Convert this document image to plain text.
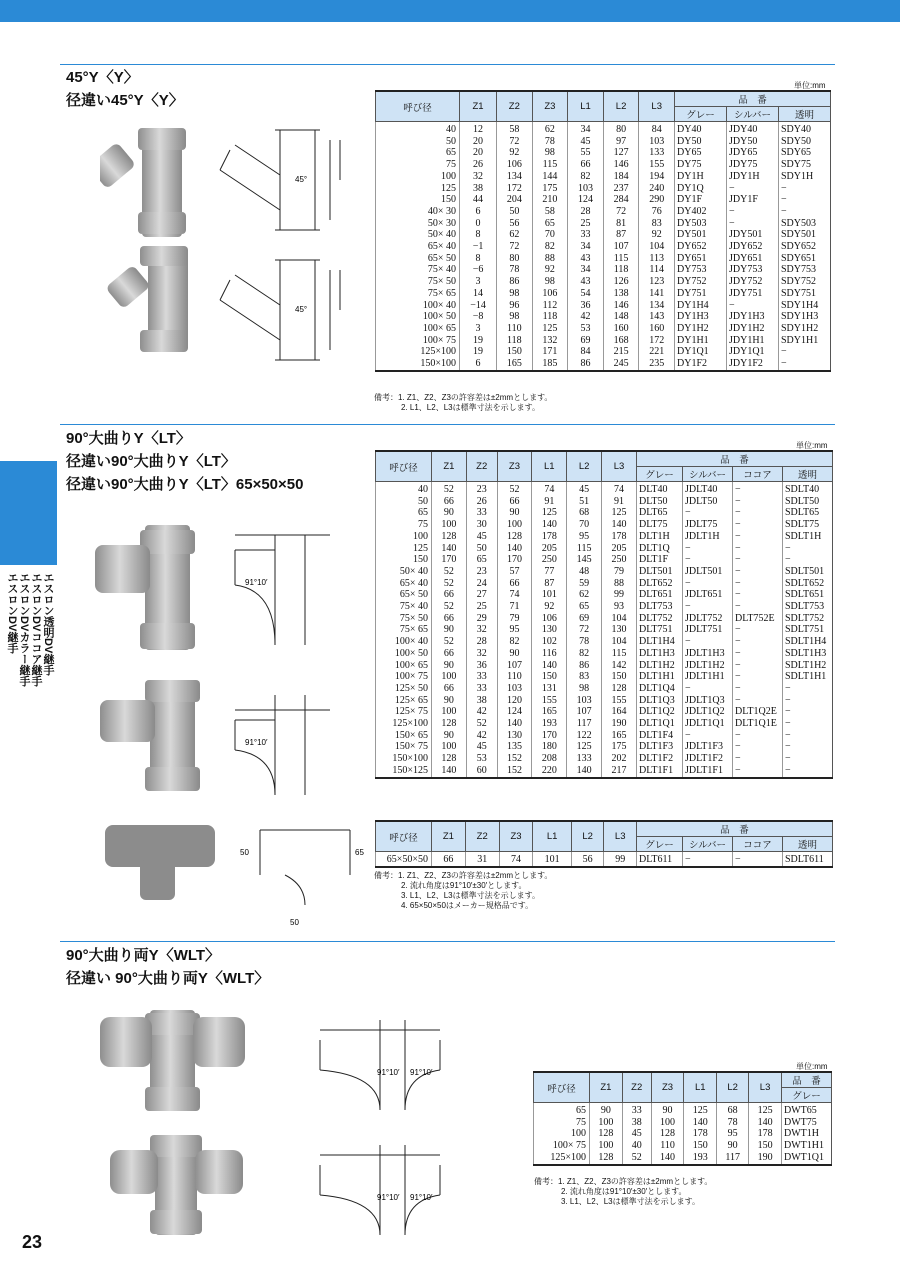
エスロン透明DV継手
エスロンDVココア継手
エスロンDVカラー継手
エスロンDV継手
23
45°Y〈Y〉
径違い45°Y〈Y〉
45°
45°
単位:mm
呼び径	Z1	Z2	Z3	L1	L2	L3	品　番		
							グレー	シルバー	透明
40	12	58	62	34	80	84	DY40	JDY40	SDY40
50	20	72	78	45	97	103	DY50	JDY50	SDY50
65	20	92	98	55	127	133	DY65	JDY65	SDY65
75	26	106	115	66	146	155	DY75	JDY75	SDY75
100	32	134	144	82	184	194	DY1H	JDY1H	SDY1H
125	38	172	175	103	237	240	DY1Q	−	−
150	44	204	210	124	284	290	DY1F	JDY1F	−
40× 30	6	50	58	28	72	76	DY402	−	−
50× 30	0	56	65	25	81	83	DY503	−	SDY503
50× 40	8	62	70	33	87	92	DY501	JDY501	SDY501
65× 40	−1	72	82	34	107	104	DY652	JDY652	SDY652
65× 50	8	80	88	43	115	113	DY651	JDY651	SDY651
75× 40	−6	78	92	34	118	114	DY753	JDY753	SDY753
75× 50	3	86	98	43	126	123	DY752	JDY752	SDY752
75× 65	14	98	106	54	138	141	DY751	JDY751	SDY751
100× 40	−14	96	112	36	146	134	DY1H4	−	SDY1H4
100× 50	−8	98	118	42	148	143	DY1H3	JDY1H3	SDY1H3
100× 65	3	110	125	53	160	160	DY1H2	JDY1H2	SDY1H2
100× 75	19	118	132	69	168	172	DY1H1	JDY1H1	SDY1H1
125×100	19	150	171	84	215	221	DY1Q1	JDY1Q1	−
150×100	6	165	185	86	245	235	DY1F2	JDY1F2	−
備考：1. Z1、Z2、Z3の許容差は±2mmとします。
2. L1、L2、L3は標準寸法を示します。
90°大曲りY〈LT〉
径違い90°大曲りY〈LT〉
径違い90°大曲りY〈LT〉65×50×50
91°10′
91°10′
50	65
50
単位:mm
呼び径	Z1	Z2	Z3	L1	L2	L3	品　番			
							グレー	シルバー	ココア	透明
40	52	23	52	74	45	74	DLT40	JDLT40	−	SDLT40
50	66	26	66	91	51	91	DLT50	JDLT50	−	SDLT50
65	90	33	90	125	68	125	DLT65	−	−	SDLT65
75	100	30	100	140	70	140	DLT75	JDLT75	−	SDLT75
100	128	45	128	178	95	178	DLT1H	JDLT1H	−	SDLT1H
125	140	50	140	205	115	205	DLT1Q	−	−	−
150	170	65	170	250	145	250	DLT1F	−	−	−
50× 40	52	23	57	77	48	79	DLT501	JDLT501	−	SDLT501
65× 40	52	24	66	87	59	88	DLT652	−	−	SDLT652
65× 50	66	27	74	101	62	99	DLT651	JDLT651	−	SDLT651
75× 40	52	25	71	92	65	93	DLT753	−	−	SDLT753
75× 50	66	29	79	106	69	104	DLT752	JDLT752	DLT752E	SDLT752
75× 65	90	32	95	130	72	130	DLT751	JDLT751	−	SDLT751
100× 40	52	28	82	102	78	104	DLT1H4	−	−	SDLT1H4
100× 50	66	32	90	116	82	115	DLT1H3	JDLT1H3	−	SDLT1H3
100× 65	90	36	107	140	86	142	DLT1H2	JDLT1H2	−	SDLT1H2
100× 75	100	33	110	150	83	150	DLT1H1	JDLT1H1	−	SDLT1H1
125× 50	66	33	103	131	98	128	DLT1Q4	−	−	−
125× 65	90	38	120	155	103	155	DLT1Q3	JDLT1Q3	−	−
125× 75	100	42	124	165	107	164	DLT1Q2	JDLT1Q2	DLT1Q2E	−
125×100	128	52	140	193	117	190	DLT1Q1	JDLT1Q1	DLT1Q1E	−
150× 65	90	42	130	170	122	165	DLT1F4	−	−	−
150× 75	100	45	135	180	125	175	DLT1F3	JDLT1F3	−	−
150×100	128	53	152	208	133	202	DLT1F2	JDLT1F2	−	−
150×125	140	60	152	220	140	217	DLT1F1	JDLT1F1	−	−
呼び径	Z1	Z2	Z3	L1	L2	L3	品　番			
							グレー	シルバー	ココア	透明
65×50×50	66	31	74	101	56	99	DLT611	−	−	SDLT611
備考：1. Z1、Z2、Z3の許容差は±2mmとします。
2. 流れ角度は91°10′±30′とします。
3. L1、L2、L3は標準寸法を示します。
4. 65×50×50はメーカー規格品です。
90°大曲り両Y〈WLT〉
径違い 90°大曲り両Y〈WLT〉
91°10′ 91°10′
91°10′ 91°10′
単位:mm
呼び径	Z1	Z2	Z3	L1	L2	L3	品　番
							グレー
65	90	33	90	125	68	125	DWT65
75	100	38	100	140	78	140	DWT75
100	128	45	128	178	95	178	DWT1H
100× 75	100	40	110	150	90	150	DWT1H1
125×100	128	52	140	193	117	190	DWT1Q1
備考：1. Z1、Z2、Z3の許容差は±2mmとします。
2. 流れ角度は91°10′±30′とします。
3. L1、L2、L3は標準寸法を示します。
